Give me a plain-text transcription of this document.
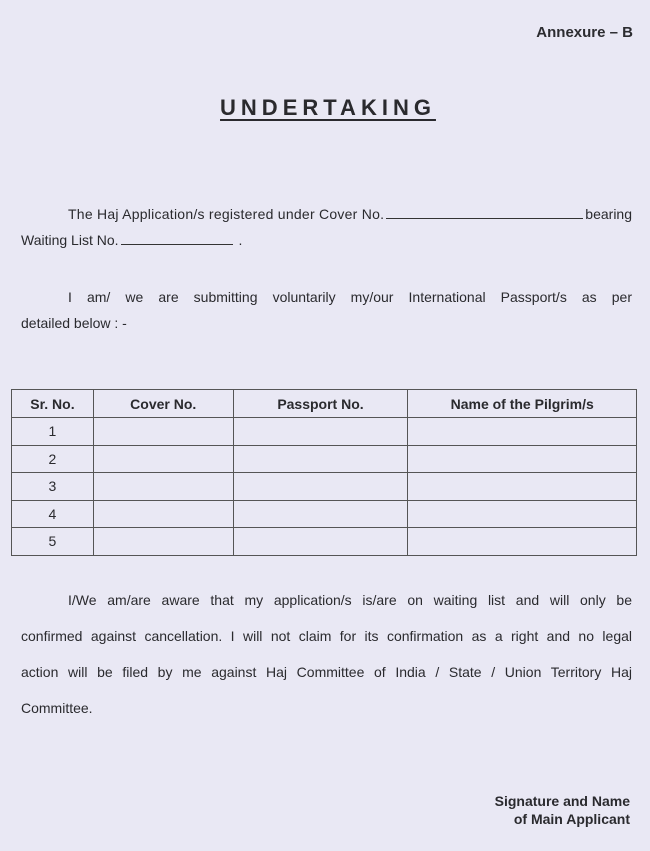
Annexure – B
UNDERTAKING
The Haj Application/s registered under Cover No.	bearing
Waiting List No.	.
I am/ we are submitting voluntarily my/our International Passport/s as per
detailed below : -
Sr. No.	Cover No.	Passport No.	Name of the Pilgrim/s
1			
2			
3			
4			
5			
I/We am/are aware that my application/s is/are on waiting list and will only be
confirmed against cancellation. I will not claim for its confirmation as a right and no legal
action will be filed by me against Haj Committee of India / State / Union Territory Haj
Committee.
Signature and Name
of Main Applicant
